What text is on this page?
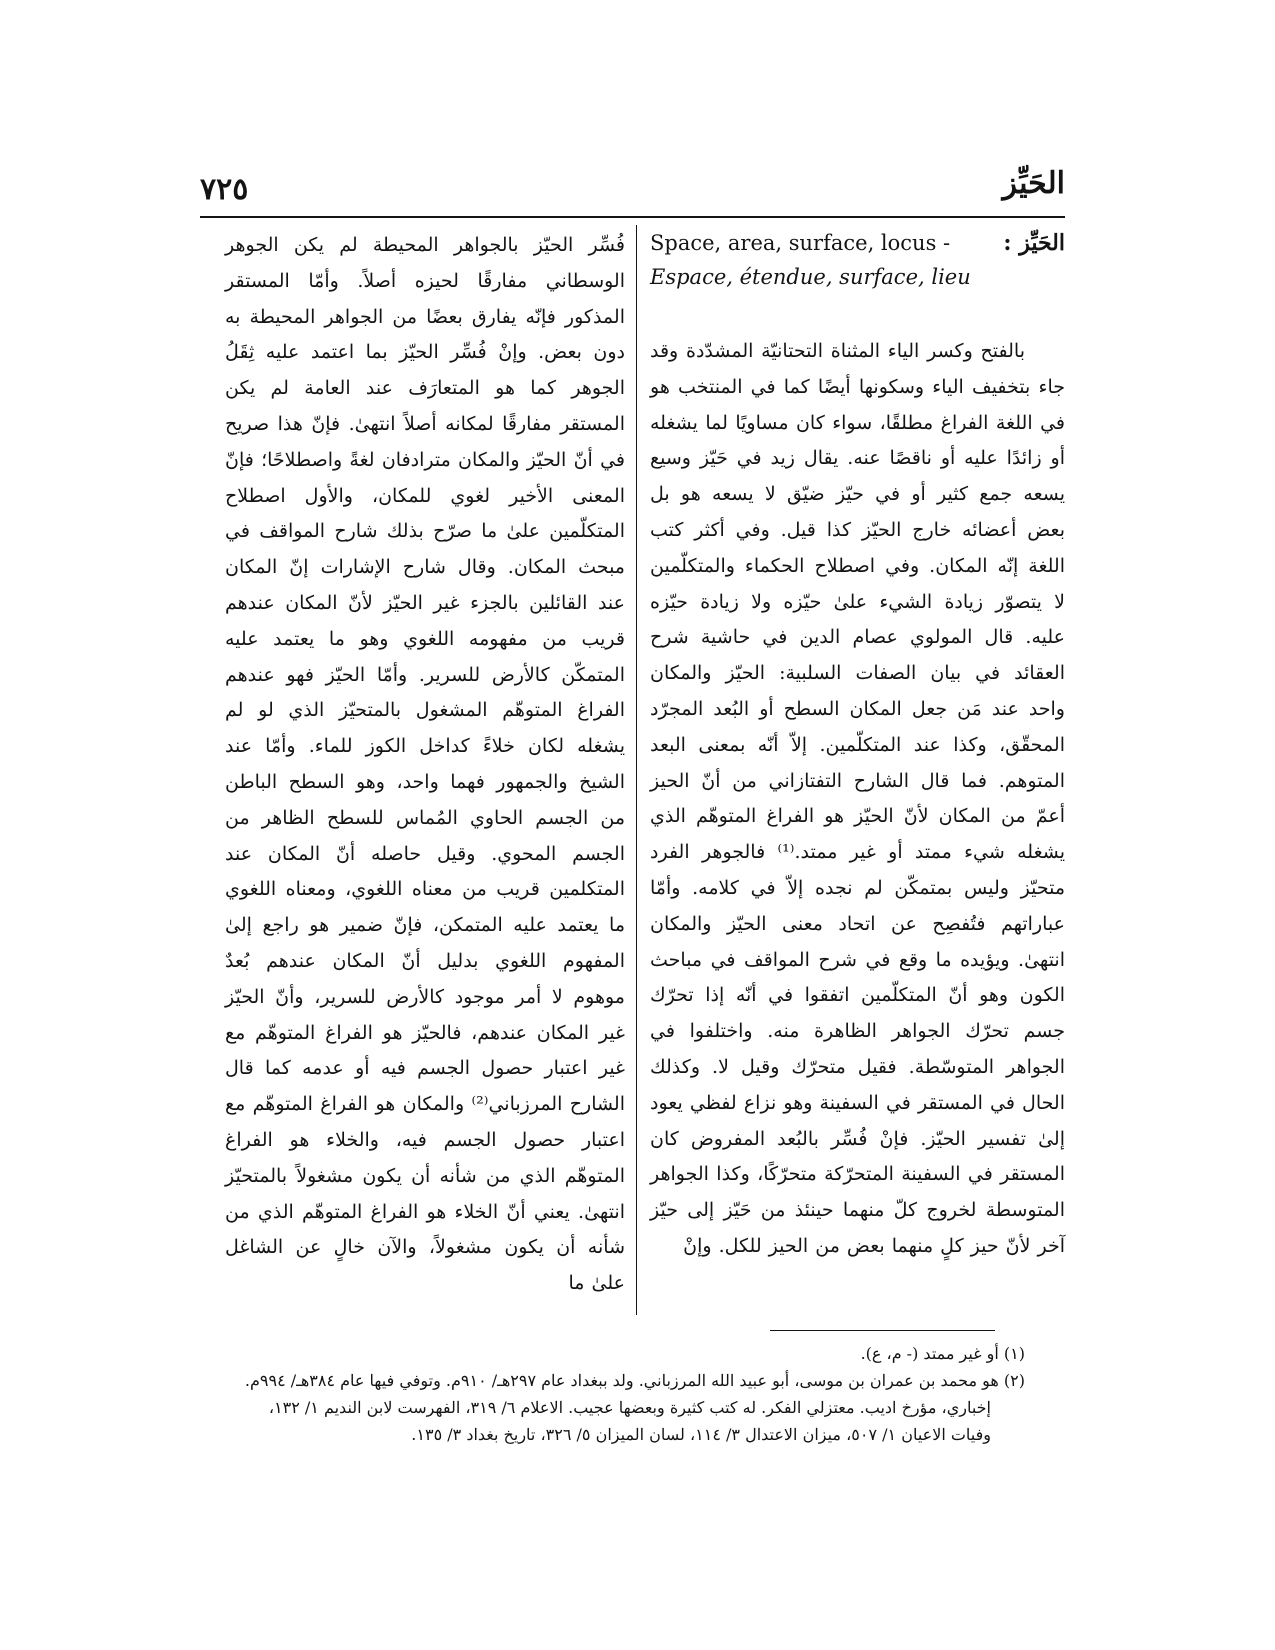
٧٢٥	الحَيِّز
الحَيِّز :
Space, area, surface, locus -
Espace, étendue, surface, lieu

بالفتح وكسر الياء المثناة التحتانيّة المشدّدة وقد جاء بتخفيف الياء وسكونها أيضًا كما في المنتخب هو في اللغة الفراغ مطلقًا، سواء كان مساويًا لما يشغله أو زائدًا عليه أو ناقصًا عنه. يقال زيد في حَيّز وسيع يسعه جمع كثير أو في حيّز ضيّق لا يسعه هو بل بعض أعضائه خارج الحيّز كذا قيل. وفي أكثر كتب اللغة إنّه المكان. وفي اصطلاح الحكماء والمتكلّمين لا يتصوّر زيادة الشيء علىٰ حيّزه ولا زيادة حيّزه عليه. قال المولوي عصام الدين في حاشية شرح العقائد في بيان الصفات السلبية: الحيّز والمكان واحد عند مَن جعل المكان السطح أو البُعد المجرّد المحقّق، وكذا عند المتكلّمين. إلاّ أنّه بمعنى البعد المتوهم. فما قال الشارح التفتازاني من أنّ الحيز أعمّ من المكان لأنّ الحيّز هو الفراغ المتوهّم الذي يشغله شيء ممتد أو غير ممتد.⁽¹⁾ فالجوهر الفرد متحيّز وليس بمتمكّن لم نجده إلاّ في كلامه. وأمّا عباراتهم فتُفصِح عن اتحاد معنى الحيّز والمكان انتهىٰ. ويؤيده ما وقع في شرح المواقف في مباحث الكون وهو أنّ المتكلّمين اتفقوا في أنّه إذا تحرّك جسم تحرّك الجواهر الظاهرة منه. واختلفوا في الجواهر المتوسّطة. فقيل متحرّك وقيل لا. وكذلك الحال في المستقر في السفينة وهو نزاع لفظي يعود إلىٰ تفسير الحيّز. فإنْ فُسِّر بالبُعد المفروض كان المستقر في السفينة المتحرّكة متحرّكًا، وكذا الجواهر المتوسطة لخروج كلّ منهما حينئذ من حَيّز إلى حيّز آخر لأنّ حيز كلٍ منهما بعض من الحيز للكل. وإنْ

فُسِّر الحيّز بالجواهر المحيطة لم يكن الجوهر الوسطاني مفارقًا لحيزه أصلاً. وأمّا المستقر المذكور فإنّه يفارق بعضًا من الجواهر المحيطة به دون بعض. وإنْ فُسِّر الحيّز بما اعتمد عليه ثِقَلُ الجوهر كما هو المتعارَف عند العامة لم يكن المستقر مفارقًا لمكانه أصلاً انتهىٰ. فإنّ هذا صريح في أنّ الحيّز والمكان مترادفان لغةً واصطلاحًا؛ فإنّ المعنى الأخير لغوي للمكان، والأول اصطلاح المتكلّمين علىٰ ما صرّح بذلك شارح المواقف في مبحث المكان. وقال شارح الإشارات إنّ المكان عند القائلين بالجزء غير الحيّز لأنّ المكان عندهم قريب من مفهومه اللغوي وهو ما يعتمد عليه المتمكّن كالأرض للسرير. وأمّا الحيّز فهو عندهم الفراغ المتوهّم المشغول بالمتحيّز الذي لو لم يشغله لكان خلاءً كداخل الكوز للماء. وأمّا عند الشيخ والجمهور فهما واحد، وهو السطح الباطن من الجسم الحاوي المُماس للسطح الظاهر من الجسم المحوي. وقيل حاصله أنّ المكان عند المتكلمين قريب من معناه اللغوي، ومعناه اللغوي ما يعتمد عليه المتمكن، فإنّ ضمير هو راجع إلىٰ المفهوم اللغوي بدليل أنّ المكان عندهم بُعدٌ موهوم لا أمر موجود كالأرض للسرير، وأنّ الحيّز غير المكان عندهم، فالحيّز هو الفراغ المتوهّم مع غير اعتبار حصول الجسم فيه أو عدمه كما قال الشارح المرزباني⁽²⁾ والمكان هو الفراغ المتوهّم مع اعتبار حصول الجسم فيه، والخلاء هو الفراغ المتوهّم الذي من شأنه أن يكون مشغولاً بالمتحيّز انتهىٰ. يعني أنّ الخلاء هو الفراغ المتوهّم الذي من شأنه أن يكون مشغولاً، والآن خالٍ عن الشاغل علىٰ ما

(١) أو غير ممتد (- م، ع).

(٢) هو محمد بن عمران بن موسى، أبو عبيد الله المرزباني. ولد ببغداد عام ٢٩٧هـ/ ٩١٠م. وتوفي فيها عام ٣٨٤هـ/ ٩٩٤م.

إخباري، مؤرخ اديب. معتزلي الفكر. له كتب كثيرة وبعضها عجيب. الاعلام ٦/ ٣١٩، الفهرست لابن النديم ١/ ١٣٢،

وفيات الاعيان ١/ ٥٠٧، ميزان الاعتدال ٣/ ١١٤، لسان الميزان ٥/ ٣٢٦، تاريخ بغداد ٣/ ١٣٥.
